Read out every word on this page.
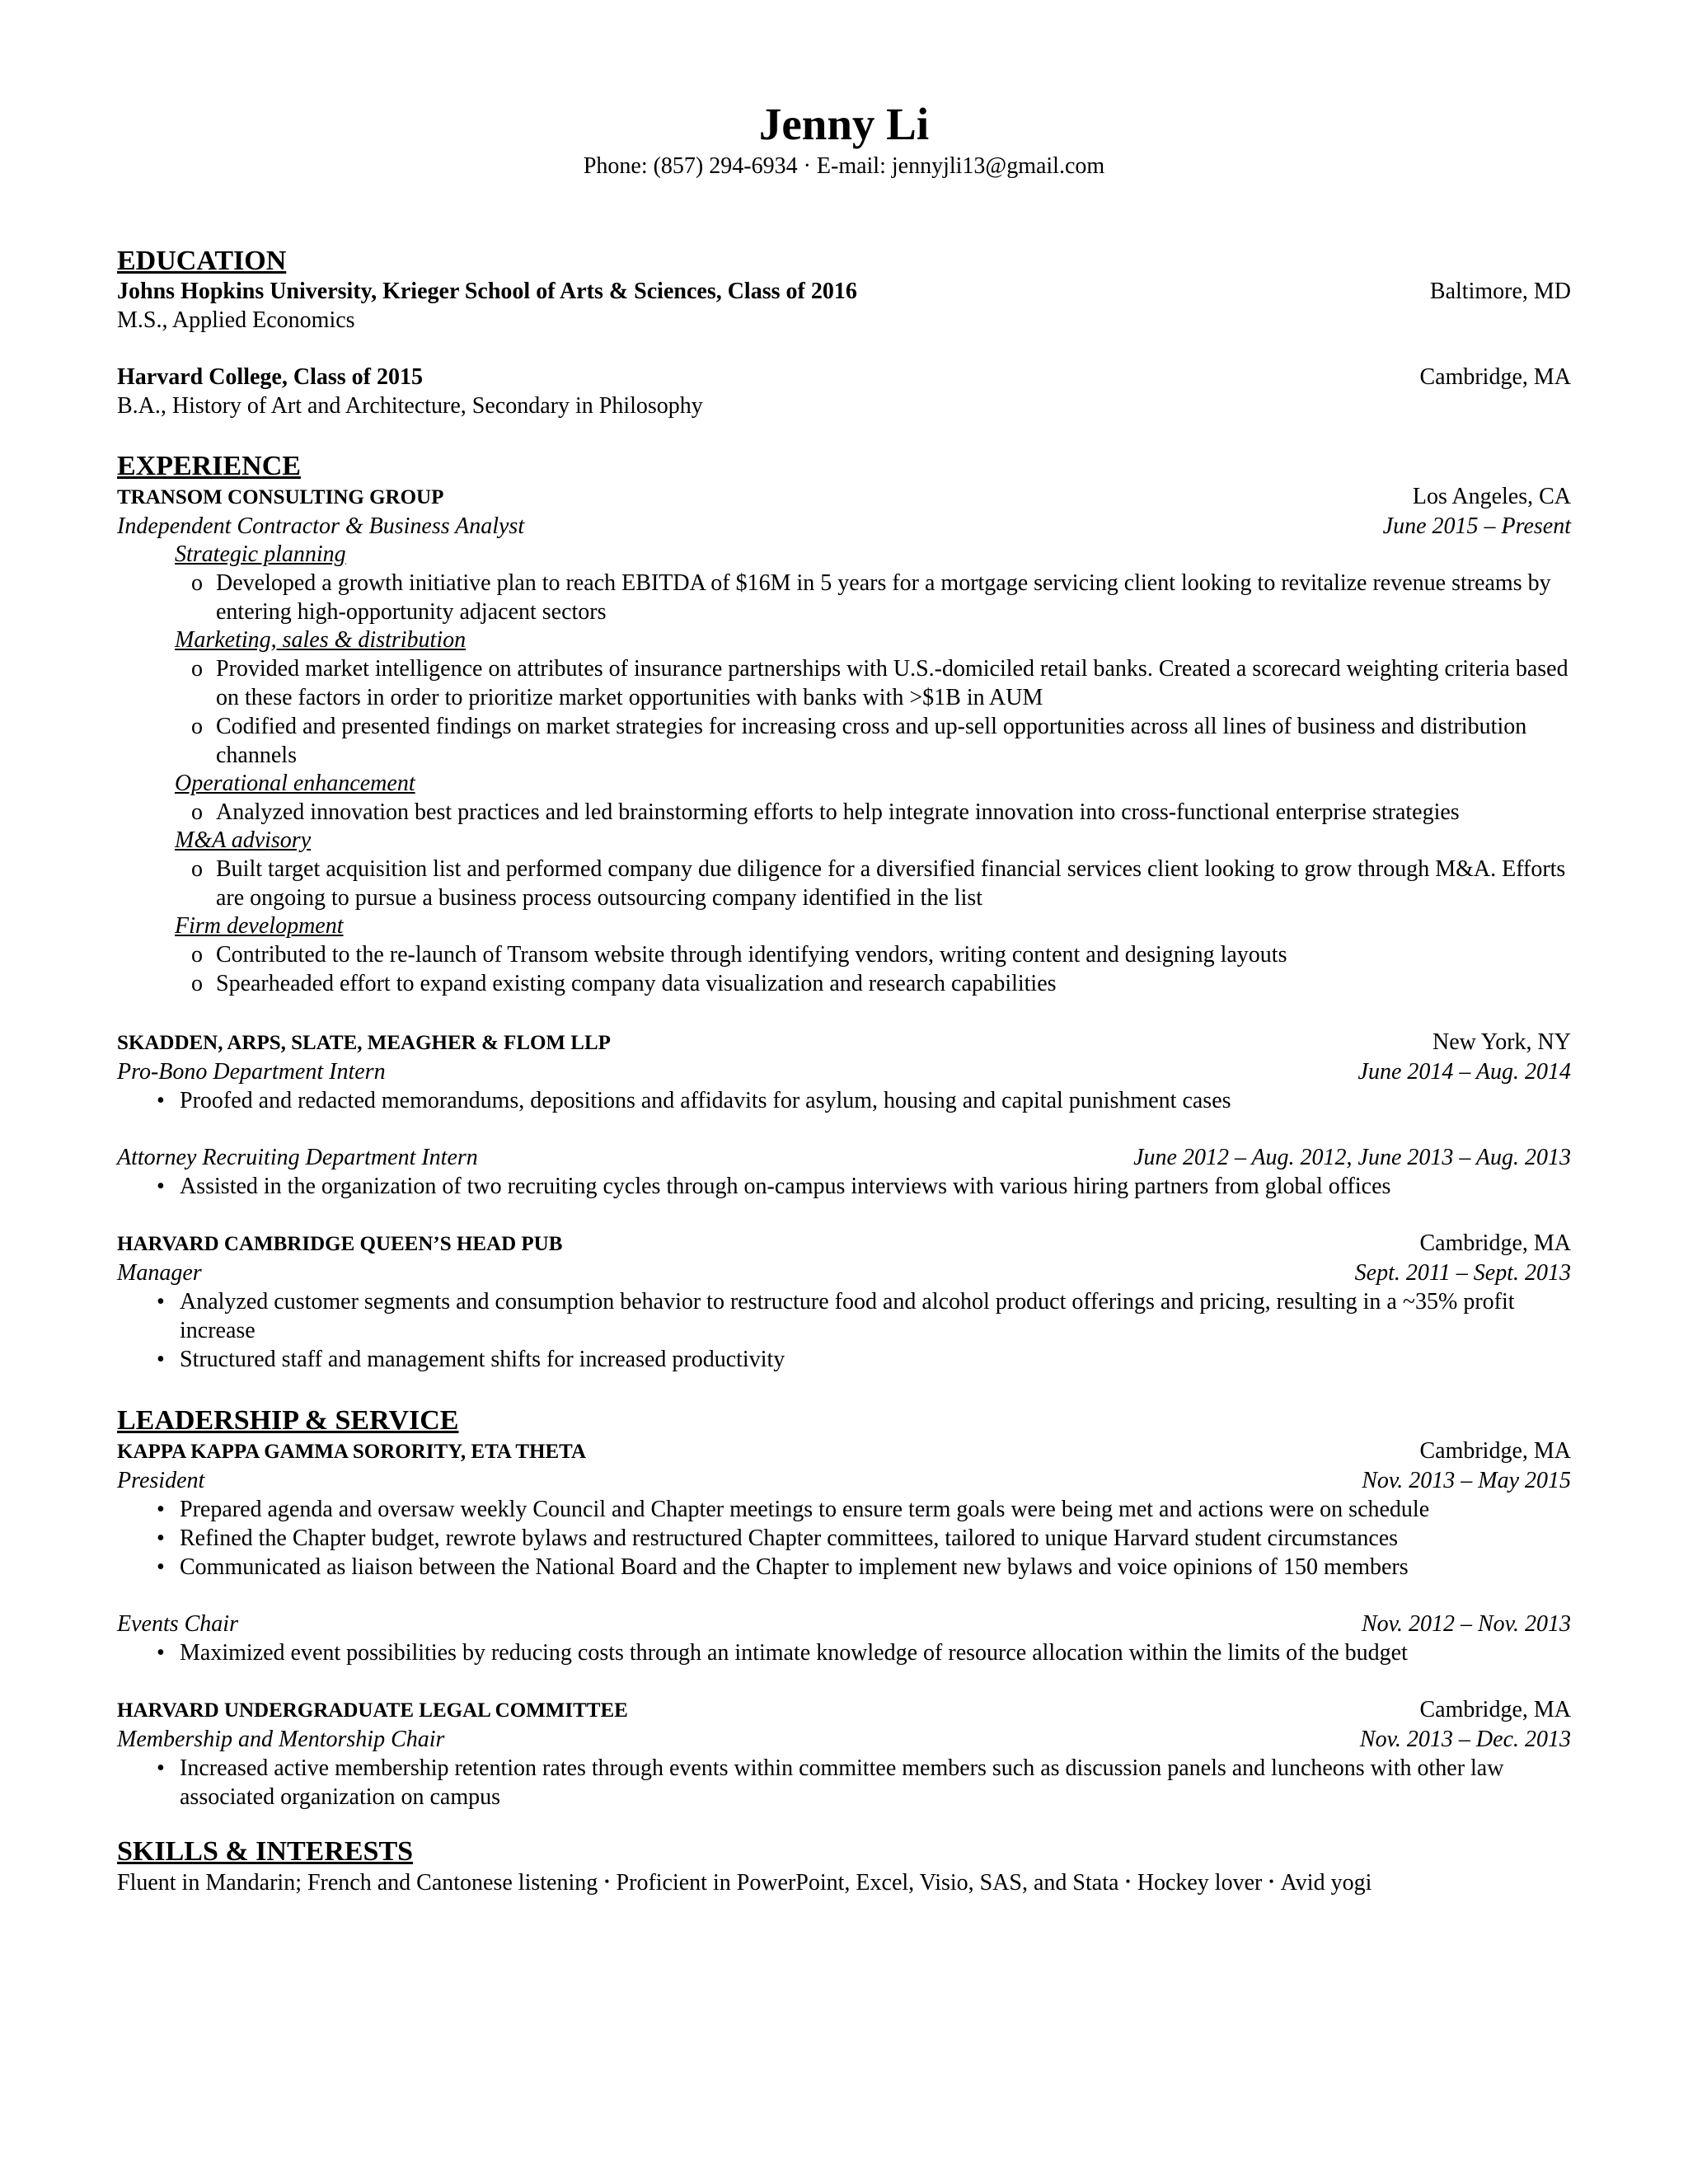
Jenny Li
Phone: (857) 294-6934 · E-mail: jennyjli13@gmail.com
EDUCATION
Johns Hopkins University, Krieger School of Arts & Sciences, Class of 2016	Baltimore, MD
M.S., Applied Economics
Harvard College, Class of 2015	Cambridge, MA
B.A., History of Art and Architecture, Secondary in Philosophy
EXPERIENCE
TRANSOM CONSULTING GROUP	Los Angeles, CA
Independent Contractor & Business Analyst	June 2015 – Present
Strategic planning
o Developed a growth initiative plan to reach EBITDA of $16M in 5 years for a mortgage servicing client looking to revitalize revenue streams by entering high-opportunity adjacent sectors
Marketing, sales & distribution
o Provided market intelligence on attributes of insurance partnerships with U.S.-domiciled retail banks. Created a scorecard weighting criteria based on these factors in order to prioritize market opportunities with banks with >$1B in AUM
o Codified and presented findings on market strategies for increasing cross and up-sell opportunities across all lines of business and distribution channels
Operational enhancement
o Analyzed innovation best practices and led brainstorming efforts to help integrate innovation into cross-functional enterprise strategies
M&A advisory
o Built target acquisition list and performed company due diligence for a diversified financial services client looking to grow through M&A. Efforts are ongoing to pursue a business process outsourcing company identified in the list
Firm development
o Contributed to the re-launch of Transom website through identifying vendors, writing content and designing layouts
o Spearheaded effort to expand existing company data visualization and research capabilities
SKADDEN, ARPS, SLATE, MEAGHER & FLOM LLP	New York, NY
Pro-Bono Department Intern	June 2014 – Aug. 2014
• Proofed and redacted memorandums, depositions and affidavits for asylum, housing and capital punishment cases
Attorney Recruiting Department Intern	June 2012 – Aug. 2012, June 2013 – Aug. 2013
• Assisted in the organization of two recruiting cycles through on-campus interviews with various hiring partners from global offices
HARVARD CAMBRIDGE QUEEN’S HEAD PUB	Cambridge, MA
Manager	Sept. 2011 – Sept. 2013
• Analyzed customer segments and consumption behavior to restructure food and alcohol product offerings and pricing, resulting in a ~35% profit increase
• Structured staff and management shifts for increased productivity
LEADERSHIP & SERVICE
KAPPA KAPPA GAMMA SORORITY, ETA THETA	Cambridge, MA
President	Nov. 2013 – May 2015
• Prepared agenda and oversaw weekly Council and Chapter meetings to ensure term goals were being met and actions were on schedule
• Refined the Chapter budget, rewrote bylaws and restructured Chapter committees, tailored to unique Harvard student circumstances
• Communicated as liaison between the National Board and the Chapter to implement new bylaws and voice opinions of 150 members
Events Chair	Nov. 2012 – Nov. 2013
• Maximized event possibilities by reducing costs through an intimate knowledge of resource allocation within the limits of the budget
HARVARD UNDERGRADUATE LEGAL COMMITTEE	Cambridge, MA
Membership and Mentorship Chair	Nov. 2013 – Dec. 2013
• Increased active membership retention rates through events within committee members such as discussion panels and luncheons with other law associated organization on campus
SKILLS & INTERESTS
Fluent in Mandarin; French and Cantonese listening • Proficient in PowerPoint, Excel, Visio, SAS, and Stata • Hockey lover • Avid yogi
